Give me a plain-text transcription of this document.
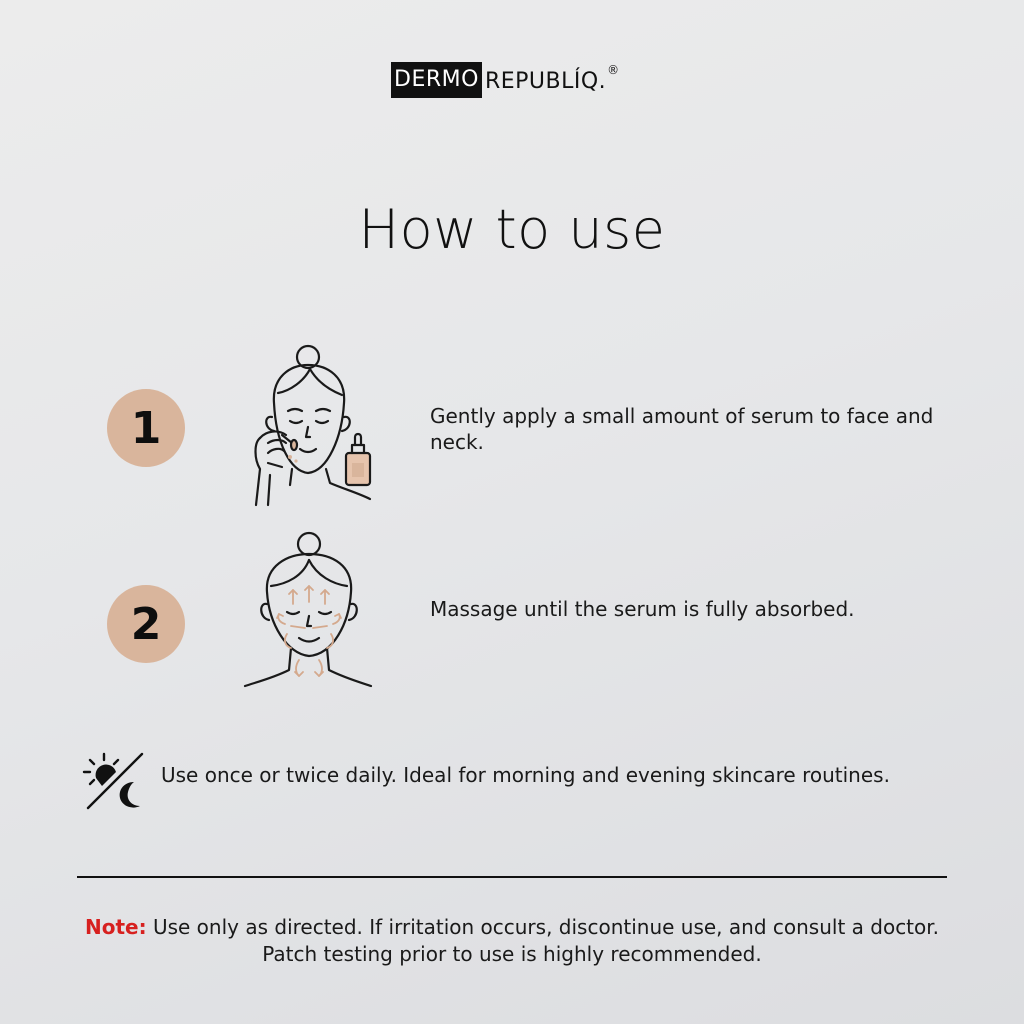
DERMO REPUBLÍQ. ®
How to use
1	Gently apply a small amount of serum to face and neck.
2	Massage until the serum is fully absorbed.
Use once or twice daily. Ideal for morning and evening skincare routines.
Note: Use only as directed. If irritation occurs, discontinue use, and consult a doctor.
Patch testing prior to use is highly recommended.
